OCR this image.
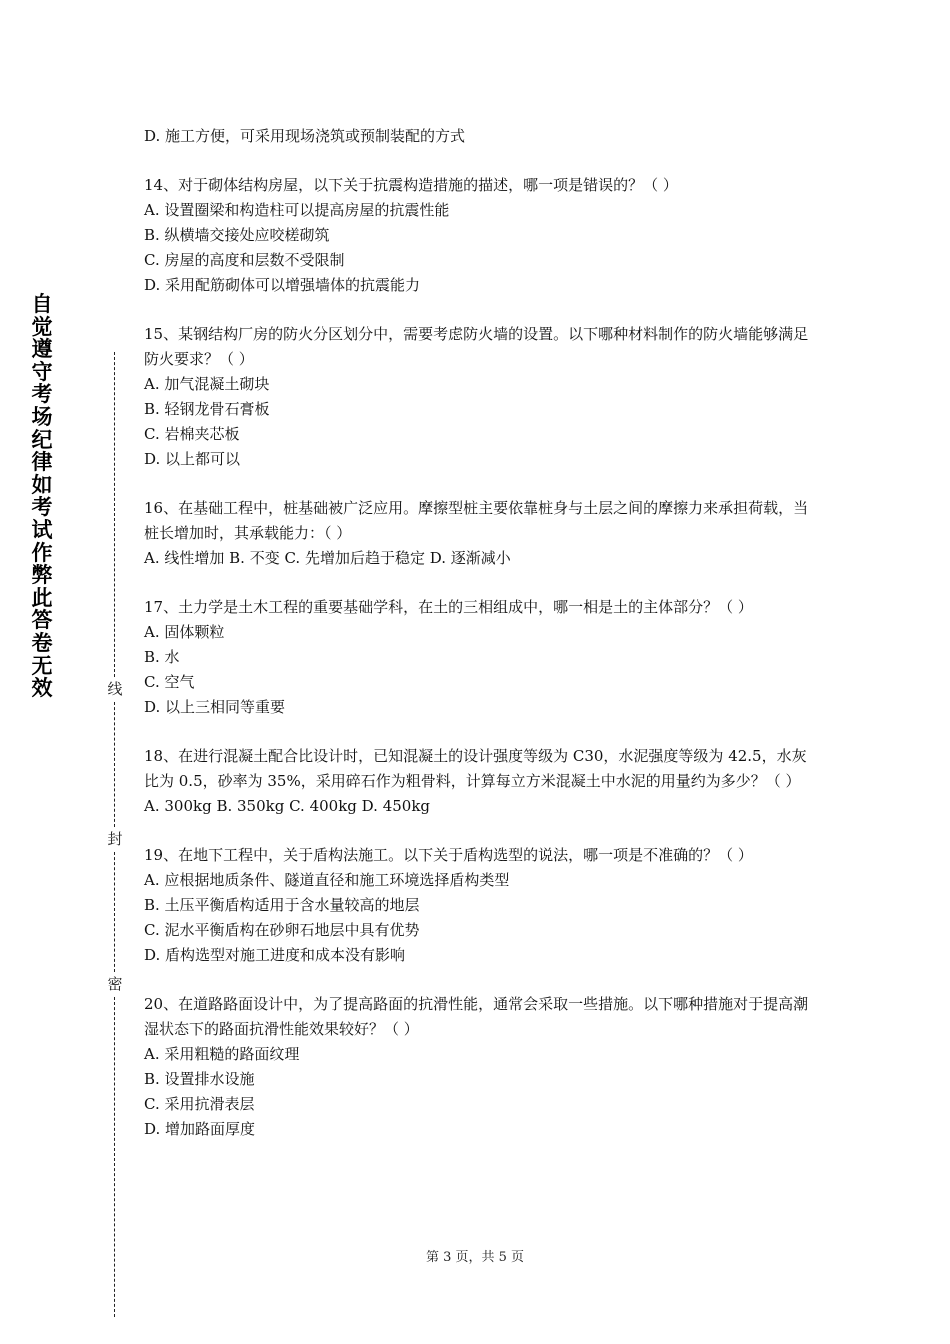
自
觉
遵
守
考
场
纪
律
如
考
试
作
弊
此
答
卷
无
效	线
封
密

D. 施工方便，可采用现场浇筑或预制装配的方式

14、对于砌体结构房屋，以下关于抗震构造措施的描述，哪一项是错误的？（ ）

A. 设置圈梁和构造柱可以提高房屋的抗震性能

B. 纵横墙交接处应咬槎砌筑

C. 房屋的高度和层数不受限制

D. 采用配筋砌体可以增强墙体的抗震能力

15、某钢结构厂房的防火分区划分中，需要考虑防火墙的设置。以下哪种材料制作的防火墙能够满足防火要求？（ ）

A. 加气混凝土砌块

B. 轻钢龙骨石膏板

C. 岩棉夹芯板

D. 以上都可以

16、在基础工程中，桩基础被广泛应用。摩擦型桩主要依靠桩身与土层之间的摩擦力来承担荷载，当桩长增加时，其承载能力：（ ）

A. 线性增加 B. 不变 C. 先增加后趋于稳定 D. 逐渐减小

17、土力学是土木工程的重要基础学科，在土的三相组成中，哪一相是土的主体部分？（ ）

A. 固体颗粒

B. 水

C. 空气

D. 以上三相同等重要

18、在进行混凝土配合比设计时，已知混凝土的设计强度等级为 C30，水泥强度等级为 42.5，水灰比为 0.5，砂率为 35%，采用碎石作为粗骨料，计算每立方米混凝土中水泥的用量约为多少？（ ）

A. 300kg B. 350kg C. 400kg D. 450kg

19、在地下工程中，关于盾构法施工。以下关于盾构选型的说法，哪一项是不准确的？（ ）

A. 应根据地质条件、隧道直径和施工环境选择盾构类型

B. 土压平衡盾构适用于含水量较高的地层

C. 泥水平衡盾构在砂卵石地层中具有优势

D. 盾构选型对施工进度和成本没有影响

20、在道路路面设计中，为了提高路面的抗滑性能，通常会采取一些措施。以下哪种措施对于提高潮湿状态下的路面抗滑性能效果较好？（ ）

A. 采用粗糙的路面纹理

B. 设置排水设施

C. 采用抗滑表层

D. 增加路面厚度

第 3 页，共 5 页
